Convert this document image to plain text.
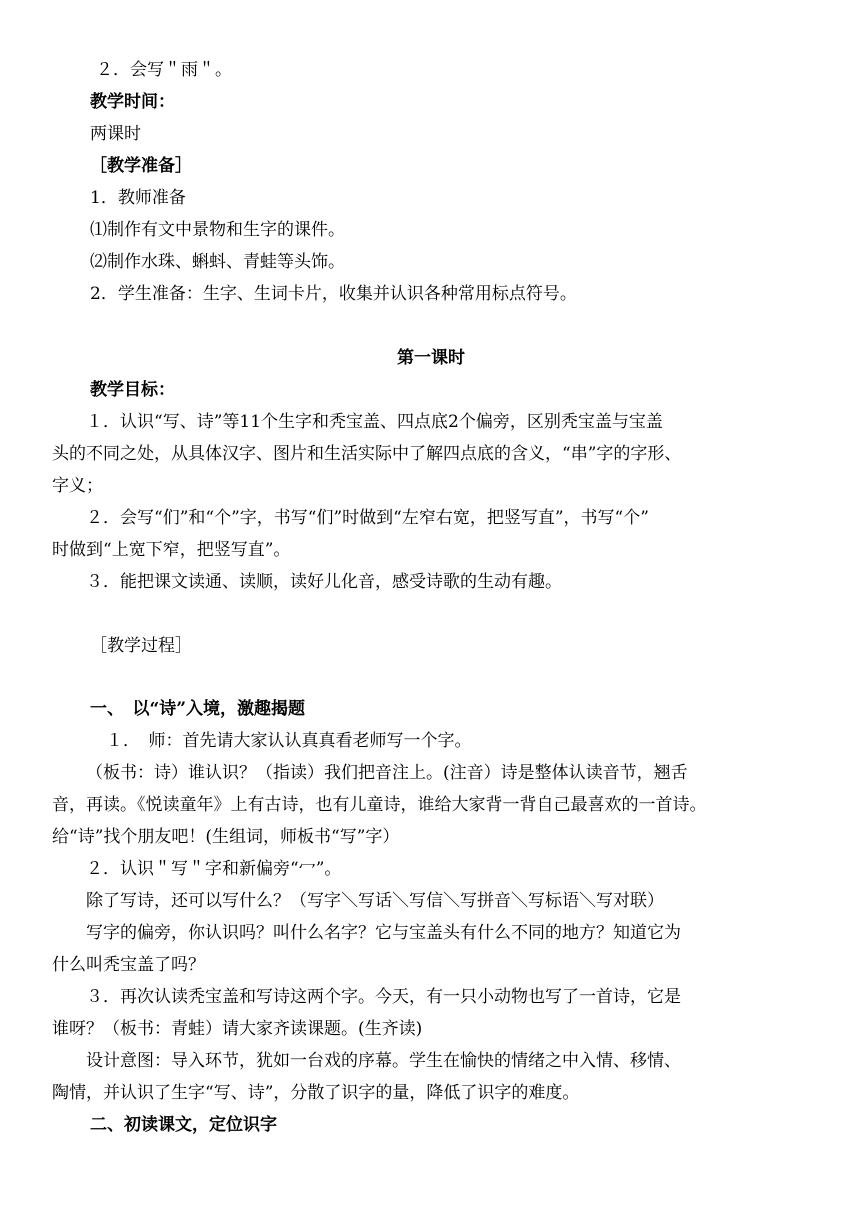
２．会写＂雨＂。
教学时间：
两课时
［教学准备］
1．教师准备
⑴制作有文中景物和生字的课件。
⑵制作水珠、蝌蚪、青蛙等头饰。
2．学生准备：生字、生词卡片，收集并认识各种常用标点符号。
第一课时
教学目标：
１．认识“写、诗”等11个生字和秃宝盖、四点底2个偏旁，区别秃宝盖与宝盖
头的不同之处，从具体汉字、图片和生活实际中了解四点底的含义，“串”字的字形、
字义；
２．会写“们”和“个”字，书写“们”时做到“左窄右宽，把竖写直”，书写“个”
时做到“上宽下窄，把竖写直”。
３．能把课文读通、读顺，读好儿化音，感受诗歌的生动有趣。
［教学过程］
一、　以“诗”入境，激趣揭题
１．　师：首先请大家认认真真看老师写一个字。
（板书：诗）谁认识？（指读）我们把音注上。(注音）诗是整体认读音节，翘舌
音，再读。《悦读童年》上有古诗，也有儿童诗，谁给大家背一背自己最喜欢的一首诗。
给“诗”找个朋友吧！(生组词，师板书“写”字）
２．认识＂写＂字和新偏旁“冖”。
除了写诗，还可以写什么？（写字＼写话＼写信＼写拼音＼写标语＼写对联）
写字的偏旁，你认识吗？叫什么名字？它与宝盖头有什么不同的地方？知道它为
什么叫秃宝盖了吗？
３．再次认读秃宝盖和写诗这两个字。今天，有一只小动物也写了一首诗，它是
谁呀？（板书：青蛙）请大家齐读课题。(生齐读)
设计意图：导入环节，犹如一台戏的序幕。学生在愉快的情绪之中入情、移情、
陶情，并认识了生字“写、诗”，分散了识字的量，降低了识字的难度。
二、初读课文，定位识字
